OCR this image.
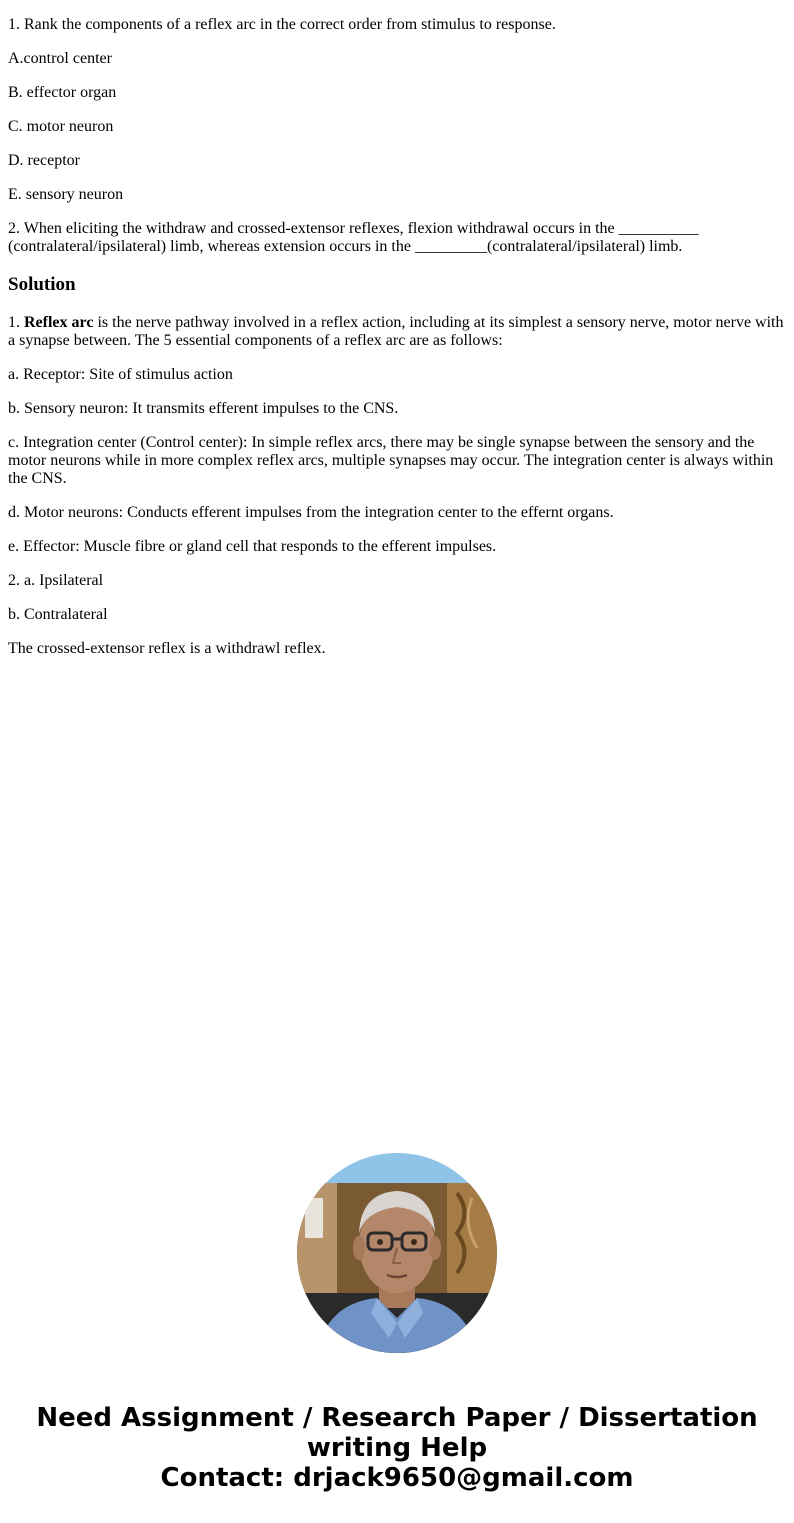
1. Rank the components of a reflex arc in the correct order from stimulus to response.

A.control center

B. effector organ

C. motor neuron

D. receptor

E. sensory neuron

2. When eliciting the withdraw and crossed-extensor reflexes, flexion withdrawal occurs in the __________ (contralateral/ipsilateral) limb, whereas extension occurs in the _________(contralateral/ipsilateral) limb.

Solution

1. Reflex arc is the nerve pathway involved in a reflex action, including at its simplest a sensory nerve, motor nerve with a synapse between. The 5 essential components of a reflex arc are as follows:

a. Receptor: Site of stimulus action

b. Sensory neuron: It transmits efferent impulses to the CNS.

c. Integration center (Control center): In simple reflex arcs, there may be single synapse between the sensory and the motor neurons while in more complex reflex arcs, multiple synapses may occur. The integration center is always within the CNS.

d. Motor neurons: Conducts efferent impulses from the integration center to the effernt organs.

e. Effector: Muscle fibre or gland cell that responds to the efferent impulses.

2. a. Ipsilateral

b. Contralateral

The crossed-extensor reflex is a withdrawl reflex.

Need Assignment / Research Paper / Dissertation
writing Help
Contact: drjack9650@gmail.com
